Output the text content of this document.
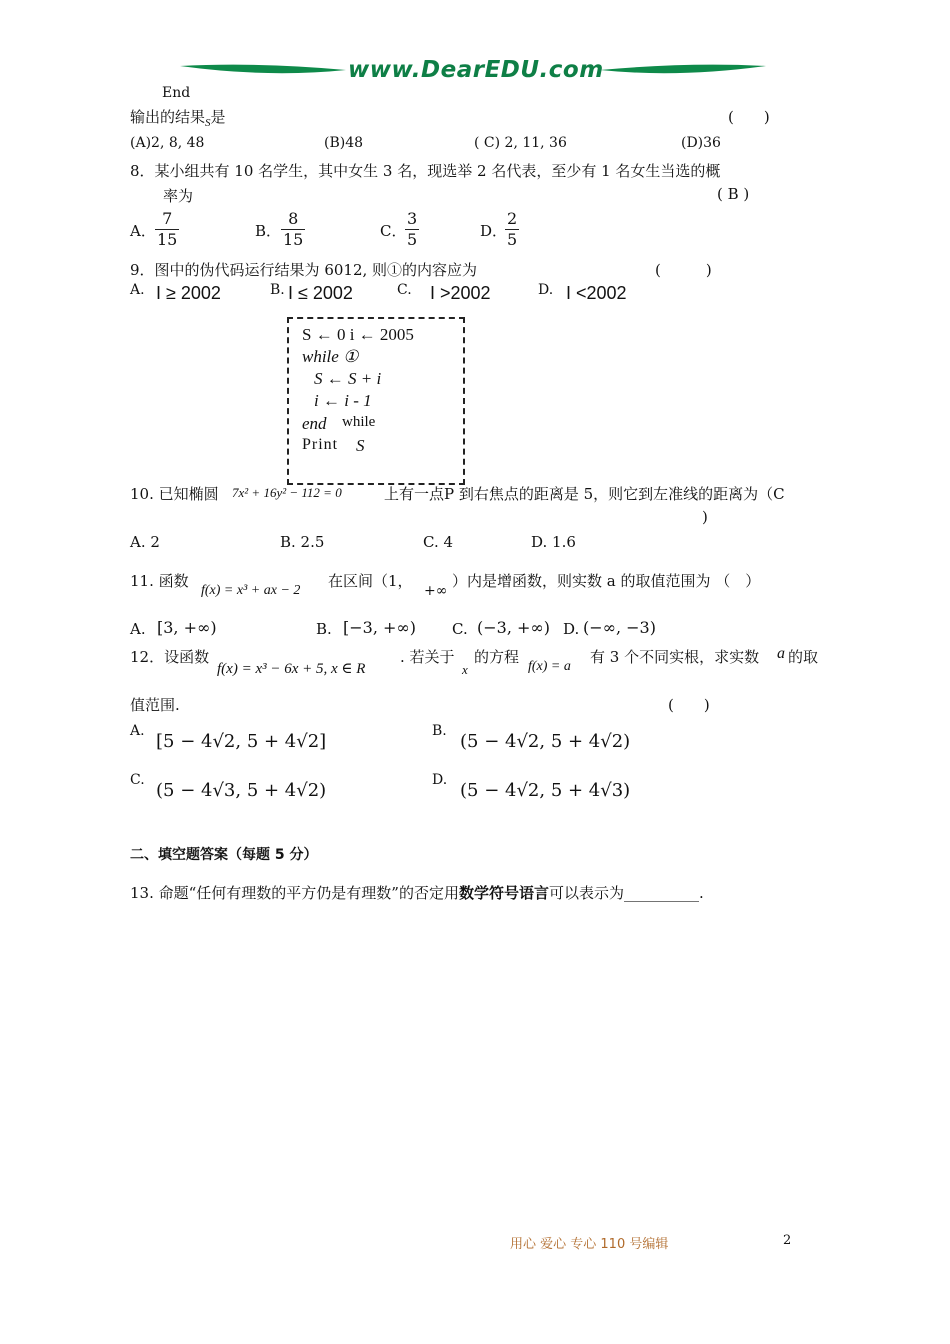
www.DearEDU.com
End
输出的结果$_S$是	(　　)
(A)2, 8, 48	(B)48	( C) 2, 11, 36	(D)36
8．某小组共有 10 名学生，其中女生 3 名，现选举 2 名代表，至少有 1 名女生当选的概
率为	( B )
A． $\frac{7}{15}$	B． $\frac{8}{15}$	C．
$\frac{3}{5}$	D．
$\frac{2}{5}$
9．图中的伪代码运行结果为 6012, 则①的内容应为	(　　　)
A. I ≥ 2002	B. I ≤ 2002	C. I >2002	D. I <2002
S ← 0 i ← 2005
while ①
S ← S + i
i ← i - 1
end while
Print S
10. 已知椭圆 7x² + 16y² − 112 = 0	上有一点P 到右焦点的距离是 5，则它到左准线的距离为（C
)
A. 2	B. 2.5	C. 4	D. 1.6
11. 函数
f(x) = x³ + ax − 2
在区间（1，
+∞
）内是增函数，则实数 a 的取值范围为 （　）
A. [3, +∞)	B. [−3, +∞) C. (−3, +∞) D. (−∞, −3)
12．设函数
f(x) = x³ − 6x + 5, x ∈ R
. 若关于
x
的方程
f(x) = a
有 3 个不同实根，求实数 a 的取
值范围.	(　　)
A. [5 − 4√2, 5 + 4√2]	B. (5 − 4√2, 5 + 4√2)
C. (5 − 4√3, 5 + 4√2)	D. (5 − 4√2, 5 + 4√3)
二、填空题答案（每题 5 分）
13. 命题“任何有理数的平方仍是有理数”的否定用数学符号语言可以表示为__________.
用心 爱心 专心 110 号编辑	2
